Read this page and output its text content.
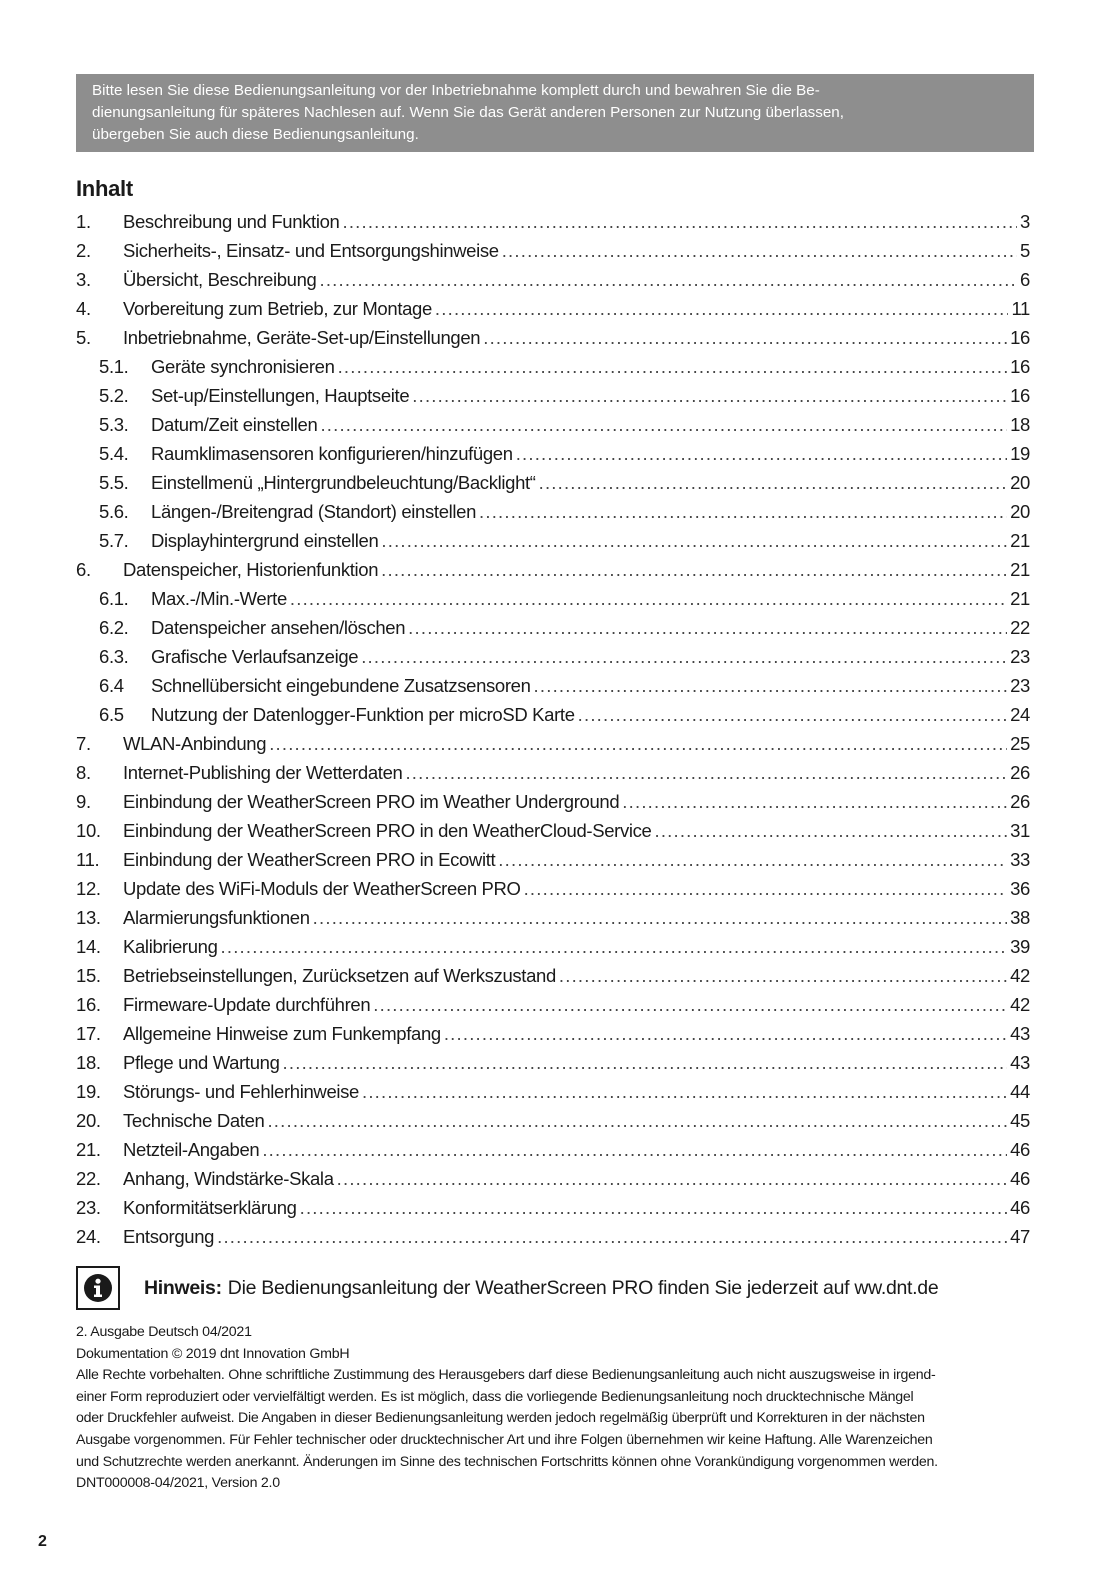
Bitte lesen Sie diese Bedienungsanleitung vor der Inbetriebnahme komplett durch und bewahren Sie die Be-

dienungsanleitung für späteres Nachlesen auf. Wenn Sie das Gerät anderen Personen zur Nutzung überlassen,

übergeben Sie auch diese Bedienungsanleitung.

Inhalt
1.	Beschreibung und Funktion .....	3
2.	Sicherheits-, Einsatz- und Entsorgungshinweise .....	5
3.	Übersicht, Beschreibung .....	6
4.	Vorbereitung zum Betrieb, zur Montage .....	11
5.	Inbetriebnahme, Geräte-Set-up/Einstellungen .....	16
5.1.	Geräte synchronisieren .....	16
5.2.	Set-up/Einstellungen, Hauptseite .....	16
5.3.	Datum/Zeit einstellen .....	18
5.4.	Raumklimasensoren konfigurieren/hinzufügen .....	19
5.5.	Einstellmenü „Hintergrundbeleuchtung/Backlight“ .....	20
5.6.	Längen-/Breitengrad (Standort) einstellen .....	20
5.7.	Displayhintergrund einstellen .....	21
6.	Datenspeicher, Historienfunktion .....	21
6.1.	Max.-/Min.-Werte .....	21
6.2.	Datenspeicher ansehen/löschen .....	22
6.3.	Grafische Verlaufsanzeige .....	23
6.4	Schnellübersicht eingebundene Zusatzsensoren .....	23
6.5	Nutzung der Datenlogger-Funktion per microSD Karte .....	24
7.	WLAN-Anbindung .....	25
8.	Internet-Publishing der Wetterdaten .....	26
9.	Einbindung der WeatherScreen PRO im Weather Underground .....	26
10.	Einbindung der WeatherScreen PRO in den WeatherCloud-Service .....	31
11.	Einbindung der WeatherScreen PRO in Ecowitt .....	33
12.	Update des WiFi-Moduls der WeatherScreen PRO .....	36
13.	Alarmierungsfunktionen .....	38
14.	Kalibrierung .....	39
15.	Betriebseinstellungen, Zurücksetzen auf Werkszustand .....	42
16.	Firmeware-Update durchführen .....	42
17.	Allgemeine Hinweise zum Funkempfang .....	43
18.	Pflege und Wartung .....	43
19.	Störungs- und Fehlerhinweise .....	44
20.	Technische Daten .....	45
21.	Netzteil-Angaben .....	46
22.	Anhang, Windstärke-Skala .....	46
23.	Konformitätserklärung .....	46
24.	Entsorgung .....	47
Hinweis: Die Bedienungsanleitung der WeatherScreen PRO finden Sie jederzeit auf ww.dnt.de

2. Ausgabe Deutsch 04/2021

Dokumentation © 2019 dnt Innovation GmbH

Alle Rechte vorbehalten. Ohne schriftliche Zustimmung des Herausgebers darf diese Bedienungsanleitung auch nicht auszugsweise in irgend-

einer Form reproduziert oder vervielfältigt werden. Es ist möglich, dass die vorliegende Bedienungsanleitung noch drucktechnische Mängel

oder Druckfehler aufweist. Die Angaben in dieser Bedienungsanleitung werden jedoch regelmäßig überprüft und Korrekturen in der nächsten

Ausgabe vorgenommen. Für Fehler technischer oder drucktechnischer Art und ihre Folgen übernehmen wir keine Haftung. Alle Warenzeichen

und Schutzrechte werden anerkannt. Änderungen im Sinne des technischen Fortschritts können ohne Vorankündigung vorgenommen werden.

DNT000008-04/2021, Version 2.0

2
